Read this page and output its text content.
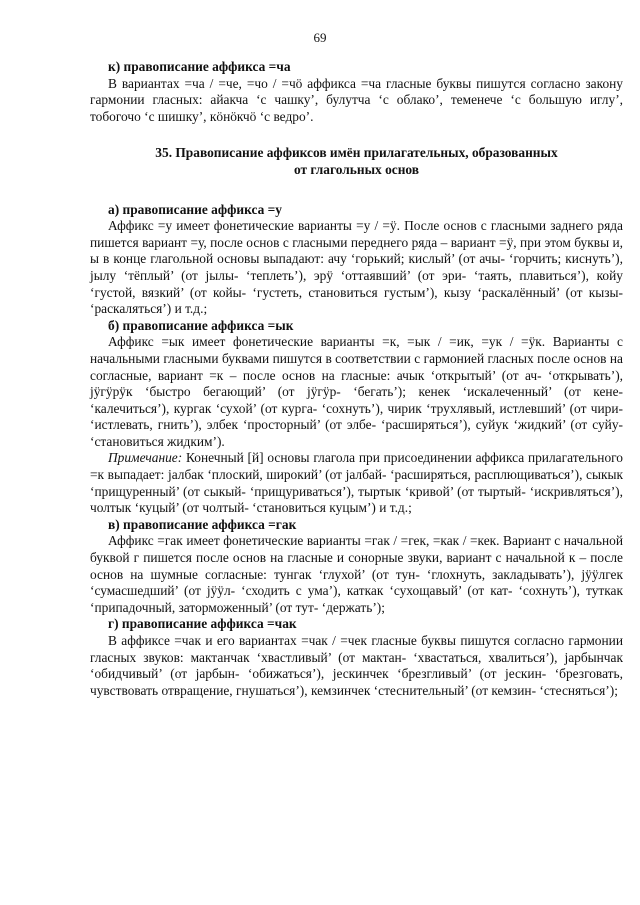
69

к) правописание аффикса =ча

В вариантах =ча / =че, =чо / =чӧ аффикса =ча гласные буквы пишутся согласно закону гармонии гласных: айакча ‘с чашку’, булутча ‘с облако’, теменече ‘с большую иглу’, тобогочо ‘с шишку’, кӧнӧкчӧ ‘с ведро’.

35. Правописание аффиксов имён прилагательных, образованных
от глагольных основ

а) правописание аффикса =у

Аффикс =у имеет фонетические варианты =у / =ӱ. После основ с гласными заднего ряда пишется вариант =у, после основ с гласными переднего ряда – вариант =ӱ, при этом буквы и, ы в конце глагольной основы выпадают: ачу ‘горький; кислый’ (от ачы- ‘горчить; киснуть’), јылу ‘тёплый’ (от јылы- ‘теплеть’), эрӱ ‘оттаявший’ (от эри- ‘таять, плавиться’), койу ‘густой, вязкий’ (от койы- ‘густеть, становиться густым’), кызу ‘раскалённый’ (от кызы- ‘раскаляться’) и т.д.;

б) правописание аффикса =ык

Аффикс =ык имеет фонетические варианты =к, =ык / =ик, =ук / =ӱк. Варианты с начальными гласными буквами пишутся в соответствии с гармонией гласных после основ на согласные, вариант =к – после основ на гласные: ачык ‘открытый’ (от ач- ‘открывать’), јӱгӱрӱк ‘быстро бегающий’ (от јӱгӱр- ‘бегать’); кенек ‘искалеченный’ (от кене- ‘калечиться’), кургак ‘сухой’ (от курга- ‘сохнуть’), чирик ‘трухлявый, истлевший’ (от чири- ‘истлевать, гнить’), элбек ‘просторный’ (от элбе- ‘расширяться’), суйук ‘жидкий’ (от суйу- ‘становиться жидким’).

Примечание: Конечный [й] основы глагола при присоединении аффикса прилагательного =к выпадает: јалбак ‘плоский, широкий’ (от јалбай- ‘расширяться, расплющиваться’), сыкык ‘прищуренный’ (от сыкый- ‘прищуриваться’), тыртык ‘кривой’ (от тыртый- ‘искривляться’), чолтык ‘куцый’ (от чолтый- ‘становиться куцым’) и т.д.;

в) правописание аффикса =гак

Аффикс =гак имеет фонетические варианты =гак / =гек, =как / =кек. Вариант с начальной буквой г пишется после основ на гласные и сонорные звуки, вариант с начальной к – после основ на шумные согласные: тунгак ‘глухой’ (от тун- ‘глохнуть, закладывать’), јӱӱлгек ‘сумасшедший’ (от јӱӱл- ‘сходить с ума’), каткак ‘сухощавый’ (от кат- ‘сохнуть’), туткак ‘припадочный, заторможенный’ (от тут- ‘держать’);

г) правописание аффикса =чак

В аффиксе =чак и его вариантах =чак / =чек гласные буквы пишутся согласно гармонии гласных звуков: мактанчак ‘хвастливый’ (от мактан- ‘хвастаться, хвалиться’), јарбынчак ‘обидчивый’ (от јарбын- ‘обижаться’), јескинчек ‘брезгливый’ (от јескин- ‘брезговать, чувствовать отвращение, гнушаться’), кемзинчек ‘стеснительный’ (от кемзин- ‘стесняться’);
